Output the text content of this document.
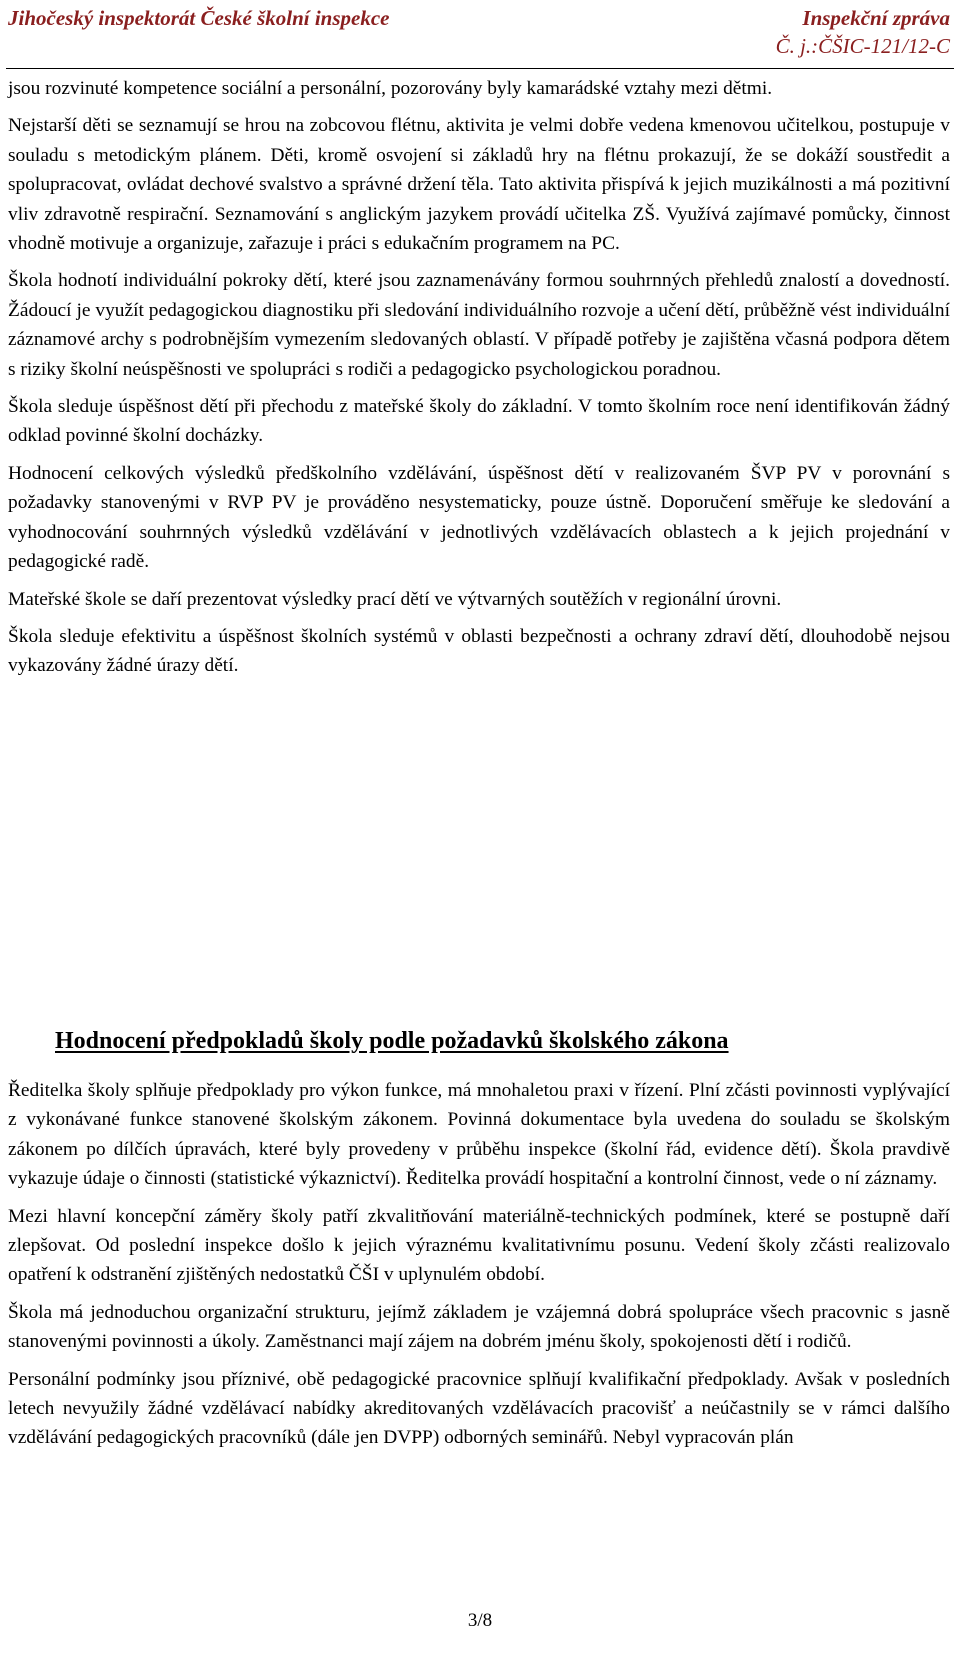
Jihočeský inspektorát České školní inspekce	Inspekční zpráva
Č. j.:ČŠIC-121/12-C

jsou rozvinuté kompetence sociální a personální, pozorovány byly kamarádské vztahy mezi dětmi.

Nejstarší děti se seznamují se hrou na zobcovou flétnu, aktivita je velmi dobře vedena kmenovou učitelkou, postupuje v souladu s metodickým plánem. Děti, kromě osvojení si základů hry na flétnu prokazují, že se dokáží soustředit a spolupracovat, ovládat dechové svalstvo a správné držení těla. Tato aktivita přispívá k jejich muzikálnosti a má pozitivní vliv zdravotně respirační. Seznamování s anglickým jazykem provádí učitelka ZŠ. Využívá zajímavé pomůcky, činnost vhodně motivuje a organizuje, zařazuje i práci s edukačním programem na PC.

Škola hodnotí individuální pokroky dětí, které jsou zaznamenávány formou souhrnných přehledů znalostí a dovedností. Žádoucí je využít pedagogickou diagnostiku při sledování individuálního rozvoje a učení dětí, průběžně vést individuální záznamové archy s podrobnějším vymezením sledovaných oblastí. V případě potřeby je zajištěna včasná podpora dětem s riziky školní neúspěšnosti ve spolupráci s rodiči a pedagogicko psychologickou poradnou.

Škola sleduje úspěšnost dětí při přechodu z mateřské školy do základní. V tomto školním roce není identifikován žádný odklad povinné školní docházky.

Hodnocení celkových výsledků předškolního vzdělávání, úspěšnost dětí v realizovaném ŠVP PV v porovnání s požadavky stanovenými v RVP PV je prováděno nesystematicky, pouze ústně. Doporučení směřuje ke sledování a vyhodnocování souhrnných výsledků vzdělávání v jednotlivých vzdělávacích oblastech a k jejich projednání v pedagogické radě.

Mateřské škole se daří prezentovat výsledky prací dětí ve výtvarných soutěžích v regionální úrovni.

Škola sleduje efektivitu a úspěšnost školních systémů v oblasti bezpečnosti a ochrany zdraví dětí, dlouhodobě nejsou vykazovány žádné úrazy dětí.

Hodnocení předpokladů školy podle požadavků školského zákona

Ředitelka školy splňuje předpoklady pro výkon funkce, má mnohaletou praxi v řízení. Plní zčásti povinnosti vyplývající z vykonávané funkce stanovené školským zákonem. Povinná dokumentace byla uvedena do souladu se školským zákonem po dílčích úpravách, které byly provedeny v průběhu inspekce (školní řád, evidence dětí). Škola pravdivě vykazuje údaje o činnosti (statistické výkaznictví). Ředitelka provádí hospitační a kontrolní činnost, vede o ní záznamy.

Mezi hlavní koncepční záměry školy patří zkvalitňování materiálně-technických podmínek, které se postupně daří zlepšovat. Od poslední inspekce došlo k jejich výraznému kvalitativnímu posunu. Vedení školy zčásti realizovalo opatření k odstranění zjištěných nedostatků ČŠI v uplynulém období.

Škola má jednoduchou organizační strukturu, jejímž základem je vzájemná dobrá spolupráce všech pracovnic s jasně stanovenými povinnosti a úkoly. Zaměstnanci mají zájem na dobrém jménu školy, spokojenosti dětí i rodičů.

Personální podmínky jsou příznivé, obě pedagogické pracovnice splňují kvalifikační předpoklady. Avšak v posledních letech nevyužily žádné vzdělávací nabídky akreditovaných vzdělávacích pracovišť a neúčastnily se v rámci dalšího vzdělávání pedagogických pracovníků (dále jen DVPP) odborných seminářů. Nebyl vypracován plán

3/8
